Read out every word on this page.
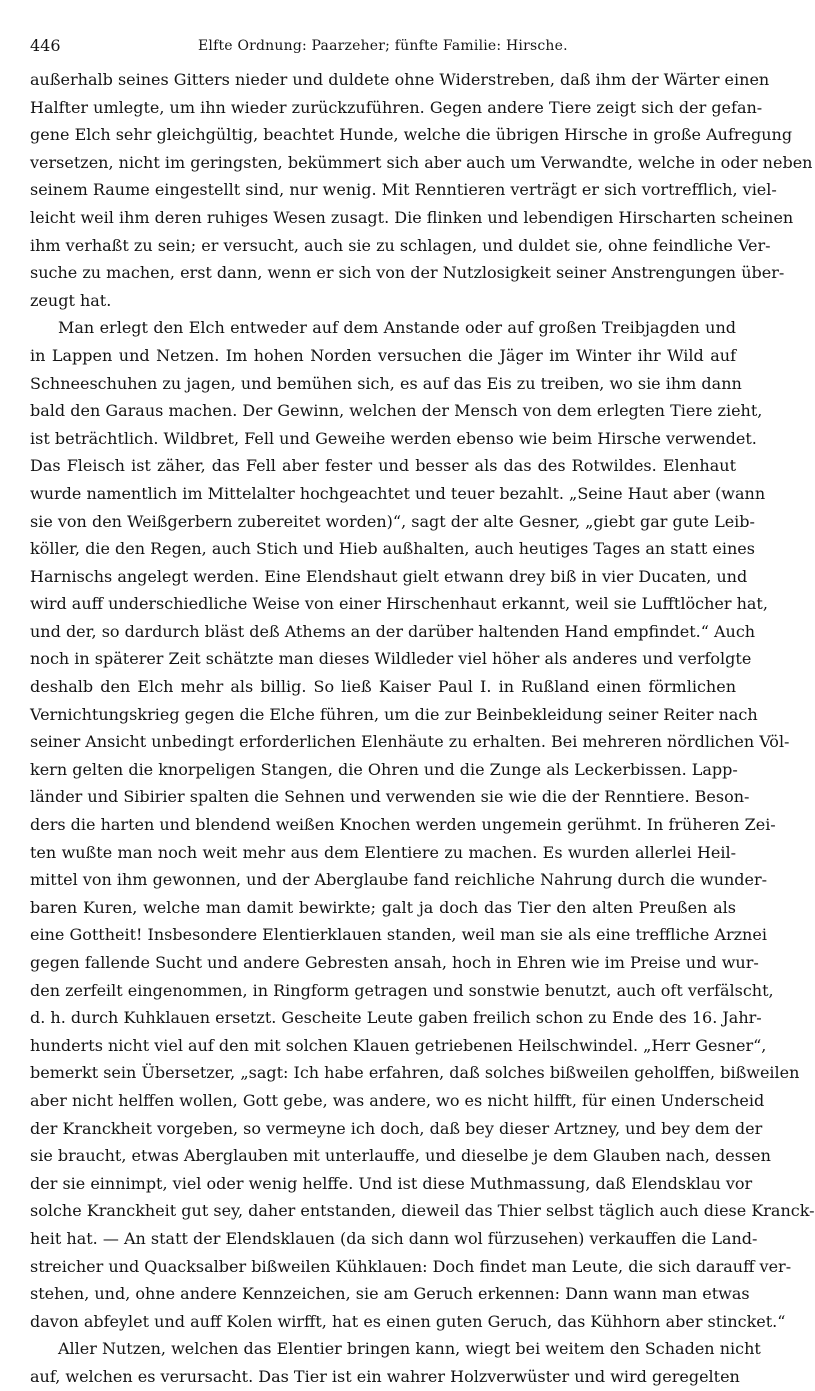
446	Elfte Ordnung: Paarzeher; fünfte Familie: Hirsche.

außerhalb seines Gitters nieder und duldete ohne Widerstreben, daß ihm der Wärter einen

Halfter umlegte, um ihn wieder zurückzuführen. Gegen andere Tiere zeigt sich der gefan-

gene Elch sehr gleichgültig, beachtet Hunde, welche die übrigen Hirsche in große Aufregung

versetzen, nicht im geringsten, bekümmert sich aber auch um Verwandte, welche in oder neben

seinem Raume eingestellt sind, nur wenig. Mit Renntieren verträgt er sich vortrefflich, viel-

leicht weil ihm deren ruhiges Wesen zusagt. Die flinken und lebendigen Hirscharten scheinen

ihm verhaßt zu sein; er versucht, auch sie zu schlagen, und duldet sie, ohne feindliche Ver-

suche zu machen, erst dann, wenn er sich von der Nutzlosigkeit seiner Anstrengungen über-

zeugt hat.

Man erlegt den Elch entweder auf dem Anstande oder auf großen Treibjagden und

in Lappen und Netzen. Im hohen Norden versuchen die Jäger im Winter ihr Wild auf

Schneeschuhen zu jagen, und bemühen sich, es auf das Eis zu treiben, wo sie ihm dann

bald den Garaus machen. Der Gewinn, welchen der Mensch von dem erlegten Tiere zieht,

ist beträchtlich. Wildbret, Fell und Geweihe werden ebenso wie beim Hirsche verwendet.

Das Fleisch ist zäher, das Fell aber fester und besser als das des Rotwildes. Elenhaut

wurde namentlich im Mittelalter hochgeachtet und teuer bezahlt. „Seine Haut aber (wann

sie von den Weißgerbern zubereitet worden)“, sagt der alte Gesner, „giebt gar gute Leib-

köller, die den Regen, auch Stich und Hieb außhalten, auch heutiges Tages an statt eines

Harnischs angelegt werden. Eine Elendshaut gielt etwann drey biß in vier Ducaten, und

wird auff underschiedliche Weise von einer Hirschenhaut erkannt, weil sie Lufftlöcher hat,

und der, so dardurch bläst deß Athems an der darüber haltenden Hand empfindet.“ Auch

noch in späterer Zeit schätzte man dieses Wildleder viel höher als anderes und verfolgte

deshalb den Elch mehr als billig. So ließ Kaiser Paul I. in Rußland einen förmlichen

Vernichtungskrieg gegen die Elche führen, um die zur Beinbekleidung seiner Reiter nach

seiner Ansicht unbedingt erforderlichen Elenhäute zu erhalten. Bei mehreren nördlichen Völ-

kern gelten die knorpeligen Stangen, die Ohren und die Zunge als Leckerbissen. Lapp-

länder und Sibirier spalten die Sehnen und verwenden sie wie die der Renntiere. Beson-

ders die harten und blendend weißen Knochen werden ungemein gerühmt. In früheren Zei-

ten wußte man noch weit mehr aus dem Elentiere zu machen. Es wurden allerlei Heil-

mittel von ihm gewonnen, und der Aberglaube fand reichliche Nahrung durch die wunder-

baren Kuren, welche man damit bewirkte; galt ja doch das Tier den alten Preußen als

eine Gottheit! Insbesondere Elentierklauen standen, weil man sie als eine treffliche Arznei

gegen fallende Sucht und andere Gebresten ansah, hoch in Ehren wie im Preise und wur-

den zerfeilt eingenommen, in Ringform getragen und sonstwie benutzt, auch oft verfälscht,

d. h. durch Kuhklauen ersetzt. Gescheite Leute gaben freilich schon zu Ende des 16. Jahr-

hunderts nicht viel auf den mit solchen Klauen getriebenen Heilschwindel. „Herr Gesner“,

bemerkt sein Übersetzer, „sagt: Ich habe erfahren, daß solches bißweilen geholffen, bißweilen

aber nicht helffen wollen, Gott gebe, was andere, wo es nicht hilfft, für einen Underscheid

der Kranckheit vorgeben, so vermeyne ich doch, daß bey dieser Artzney, und bey dem der

sie braucht, etwas Aberglauben mit unterlauffe, und dieselbe je dem Glauben nach, dessen

der sie einnimpt, viel oder wenig helffe. Und ist diese Muthmassung, daß Elendsklau vor

solche Kranckheit gut sey, daher entstanden, dieweil das Thier selbst täglich auch diese Kranck-

heit hat. — An statt der Elendsklauen (da sich dann wol fürzusehen) verkauffen die Land-

streicher und Quacksalber bißweilen Kühklauen: Doch findet man Leute, die sich darauff ver-

stehen, und, ohne andere Kennzeichen, sie am Geruch erkennen: Dann wann man etwas

davon abfeylet und auff Kolen wirfft, hat es einen guten Geruch, das Kühhorn aber stincket.“

Aller Nutzen, welchen das Elentier bringen kann, wiegt bei weitem den Schaden nicht

auf, welchen es verursacht. Das Tier ist ein wahrer Holzverwüster und wird geregelten
